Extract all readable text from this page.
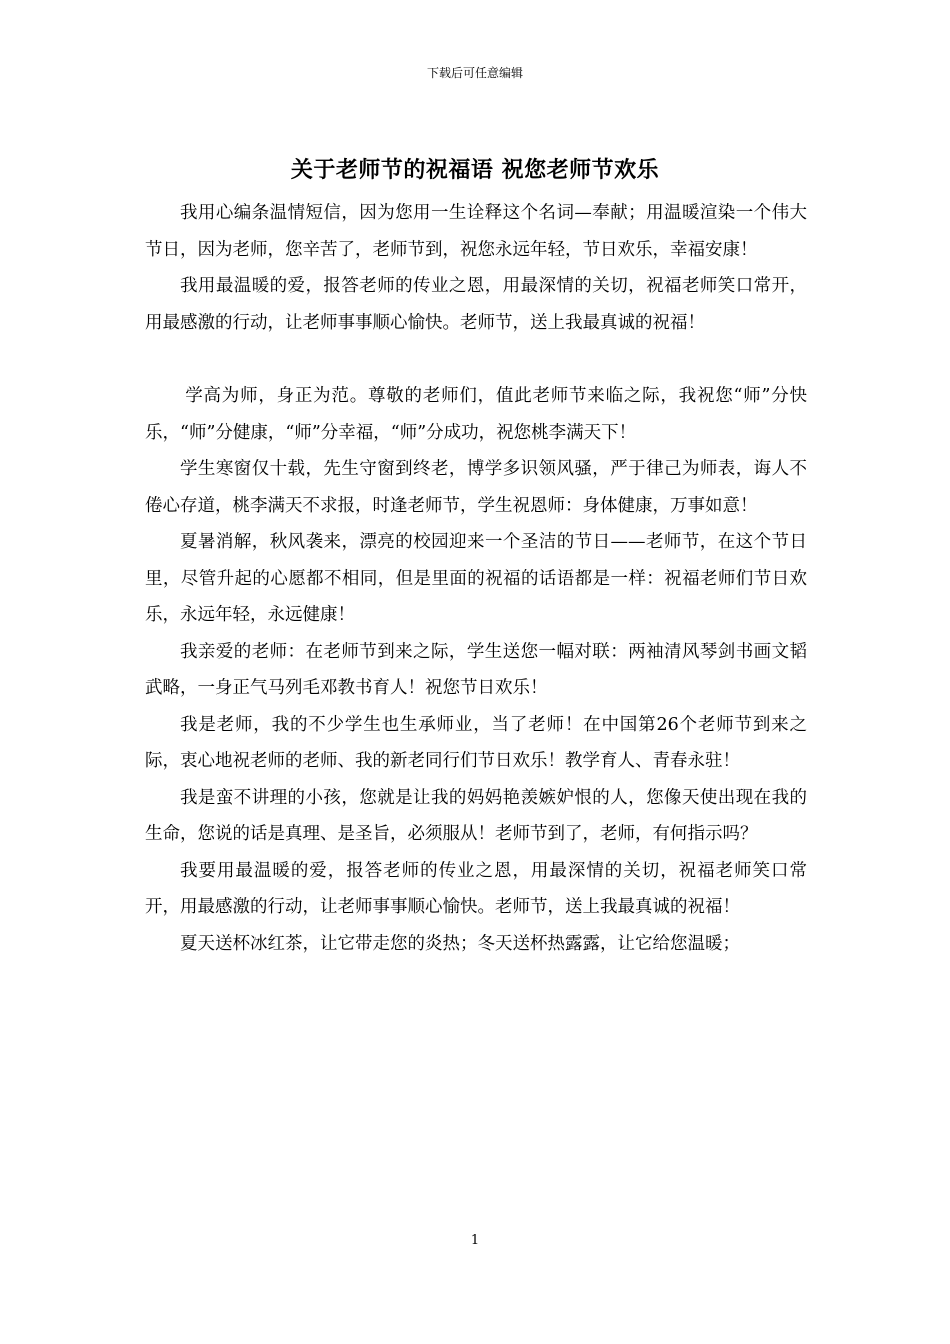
下载后可任意编辑
关于老师节的祝福语 祝您老师节欢乐

我用心编条温情短信，因为您用一生诠释这个名词—奉献；用温暖渲染一个伟大节日，因为老师，您辛苦了，老师节到，祝您永远年轻，节日欢乐，幸福安康！

我用最温暖的爱，报答老师的传业之恩，用最深情的关切，祝福老师笑口常开，用最感激的行动，让老师事事顺心愉快。老师节，送上我最真诚的祝福！

学高为师，身正为范。尊敬的老师们，值此老师节来临之际，我祝您“师”分快乐，“师”分健康，“师”分幸福，“师”分成功，祝您桃李满天下！

学生寒窗仅十载，先生守窗到终老，博学多识领风骚，严于律己为师表，诲人不倦心存道，桃李满天不求报，时逢老师节，学生祝恩师：身体健康，万事如意！

夏暑消解，秋风袭来，漂亮的校园迎来一个圣洁的节日——老师节，在这个节日里，尽管升起的心愿都不相同，但是里面的祝福的话语都是一样：祝福老师们节日欢乐，永远年轻，永远健康！

我亲爱的老师：在老师节到来之际，学生送您一幅对联：两袖清风琴剑书画文韬武略，一身正气马列毛邓教书育人！祝您节日欢乐！

我是老师，我的不少学生也生承师业，当了老师！在中国第26个老师节到来之际，衷心地祝老师的老师、我的新老同行们节日欢乐！教学育人、青春永驻！

我是蛮不讲理的小孩，您就是让我的妈妈艳羡嫉妒恨的人，您像天使出现在我的生命，您说的话是真理、是圣旨，必须服从！老师节到了，老师，有何指示吗？

我要用最温暖的爱，报答老师的传业之恩，用最深情的关切，祝福老师笑口常开，用最感激的行动，让老师事事顺心愉快。老师节，送上我最真诚的祝福！

夏天送杯冰红茶，让它带走您的炎热；冬天送杯热露露，让它给您温暖；

1
